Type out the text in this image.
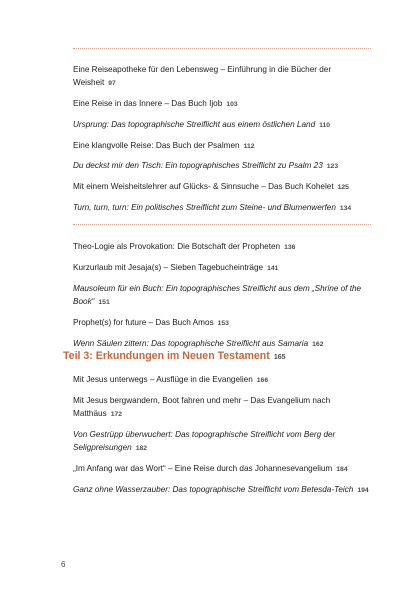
Eine Reiseapotheke für den Lebensweg – Einführung in die Bücher der Weisheit 97
Eine Reise in das Innere – Das Buch Ijob 103
Ursprung: Das topographische Streiflicht aus einem östlichen Land 110
Eine klangvolle Reise: Das Buch der Psalmen 112
Du deckst mir den Tisch: Ein topographisches Streiflicht zu Psalm 23 123
Mit einem Weisheitslehrer auf Glücks- & Sinnsuche – Das Buch Kohelet 125
Turn, turn, turn: Ein politisches Streiflicht zum Steine- und Blumenwerfen 134
Theo-Logie als Provokation: Die Botschaft der Propheten 136
Kurzurlaub mit Jesaja(s) – Sieben Tagebucheinträge 141
Mausoleum für ein Buch: Ein topographisches Streiflicht aus dem „Shrine of the Book“ 151
Prophet(s) for future – Das Buch Amos 153
Wenn Säulen zittern: Das topographische Streiflicht aus Samaria 162
Teil 3: Erkundungen im Neuen Testament 165
Mit Jesus unterwegs – Ausflüge in die Evangelien 166
Mit Jesus bergwandern, Boot fahren und mehr – Das Evangelium nach Matthäus 172
Von Gestrüpp überwuchert: Das topographische Streiflicht vom Berg der Seligpreisungen 182
„Im Anfang war das Wort“ – Eine Reise durch das Johannesevangelium 184
Ganz ohne Wasserzauber: Das topographische Streiflicht vom Betesda-Teich 194
6
